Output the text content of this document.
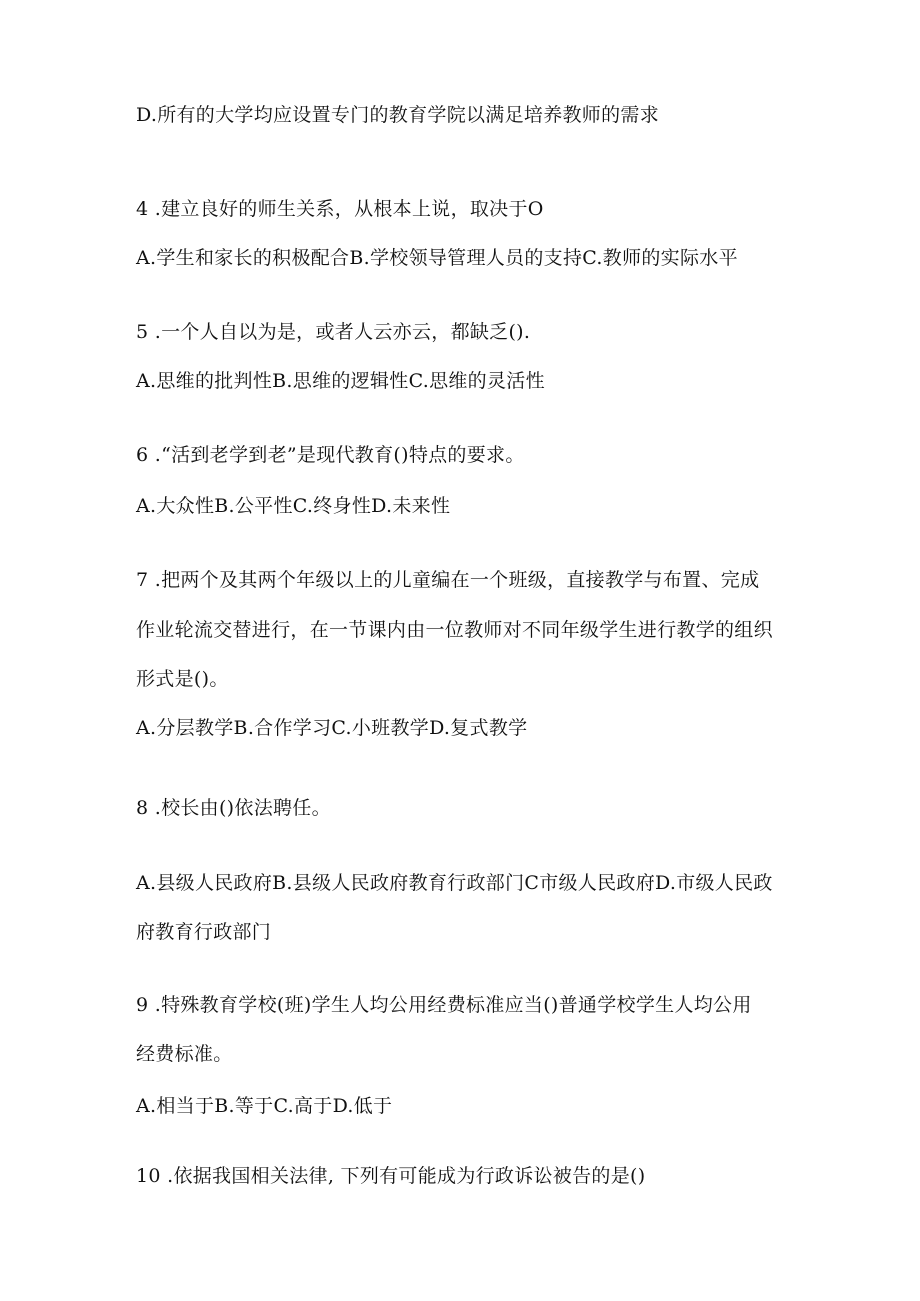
D.所有的大学均应设置专门的教育学院以满足培养教师的需求
4 .建立良好的师生关系，从根本上说，取决于O
A.学生和家长的积极配合B.学校领导管理人员的支持C.教师的实际水平
5 .一个人自以为是，或者人云亦云，都缺乏().
A.思维的批判性B.思维的逻辑性C.思维的灵活性
6 .“活到老学到老”是现代教育()特点的要求。
A.大众性B.公平性C.终身性D.未来性
7 .把两个及其两个年级以上的儿童编在一个班级，直接教学与布置、完成
作业轮流交替进行，在一节课内由一位教师对不同年级学生进行教学的组织
形式是()。
A.分层教学B.合作学习C.小班教学D.复式教学
8 .校长由()依法聘任。
A.县级人民政府B.县级人民政府教育行政部门C市级人民政府D.市级人民政
府教育行政部门
9 .特殊教育学校(班)学生人均公用经费标准应当()普通学校学生人均公用
经费标准。
A.相当于B.等于C.高于D.低于
10 .依据我国相关法律, 下列有可能成为行政诉讼被告的是()
